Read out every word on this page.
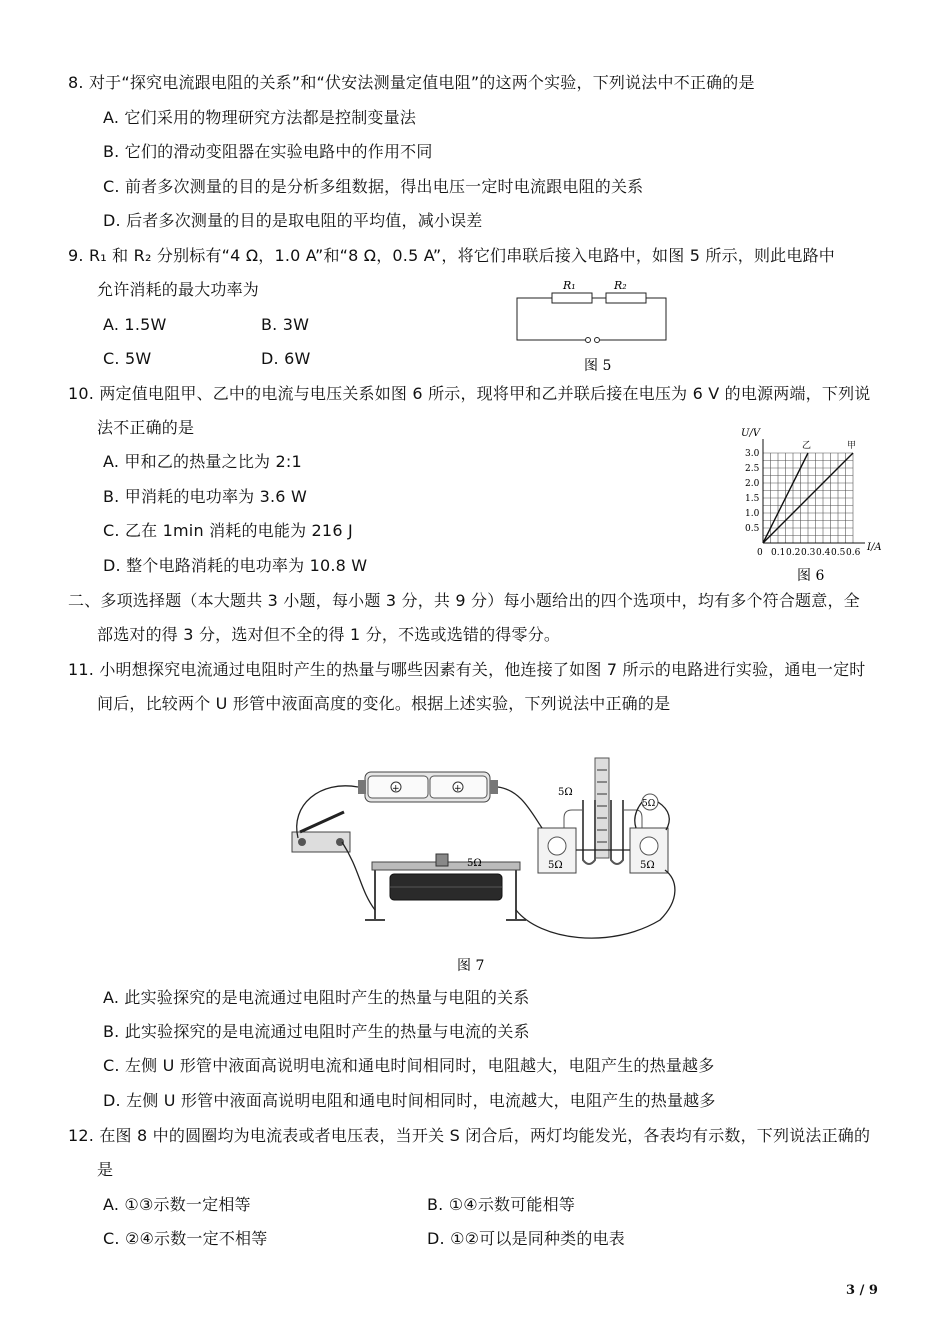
8. 对于“探究电流跟电阻的关系”和“伏安法测量定值电阻”的这两个实验，下列说法中不正确的是
A. 它们采用的物理研究方法都是控制变量法
B. 它们的滑动变阻器在实验电路中的作用不同
C. 前者多次测量的目的是分析多组数据，得出电压一定时电流跟电阻的关系
D. 后者多次测量的目的是取电阻的平均值，减小误差
9. R₁ 和 R₂ 分别标有“4 Ω，1.0 A”和“8 Ω，0.5 A”，将它们串联后接入电路中，如图 5 所示，则此电路中
允许消耗的最大功率为
A. 1.5W	B. 3W
C. 5W	D. 6W
R₁	R₂
图 5
10. 两定值电阻甲、乙中的电流与电压关系如图 6 所示，现将甲和乙并联后接在电压为 6 V 的电源两端，下列说
法不正确的是
A. 甲和乙的热量之比为 2:1
B. 甲消耗的电功率为 3.6 W
C. 乙在 1min 消耗的电能为 216 J
D. 整个电路消耗的电功率为 10.8 W
U/V
I/A
图 6
0 0.1 0.2 0.3 0.4 0.5 0.6
0.5
1.0
1.5
2.0
2.5
3.0
乙	甲
二、多项选择题（本大题共 3 小题，每小题 3 分，共 9 分）每小题给出的四个选项中，均有多个符合题意，全
部选对的得 3 分，选对但不全的得 1 分，不选或选错的得零分。
11. 小明想探究电流通过电阻时产生的热量与哪些因素有关，他连接了如图 7 所示的电路进行实验，通电一定时
间后，比较两个 U 形管中液面高度的变化。根据上述实验，下列说法中正确的是
+	+
5Ω	5Ω	5Ω
5Ω
5Ω
图 7
A. 此实验探究的是电流通过电阻时产生的热量与电阻的关系
B. 此实验探究的是电流通过电阻时产生的热量与电流的关系
C. 左侧 U 形管中液面高说明电流和通电时间相同时，电阻越大，电阻产生的热量越多
D. 左侧 U 形管中液面高说明电阻和通电时间相同时，电流越大，电阻产生的热量越多
12. 在图 8 中的圆圈均为电流表或者电压表，当开关 S 闭合后，两灯均能发光，各表均有示数，下列说法正确的
是
A. ①③示数一定相等	B. ①④示数可能相等
C. ②④示数一定不相等	D. ①②可以是同种类的电表
3 / 9
